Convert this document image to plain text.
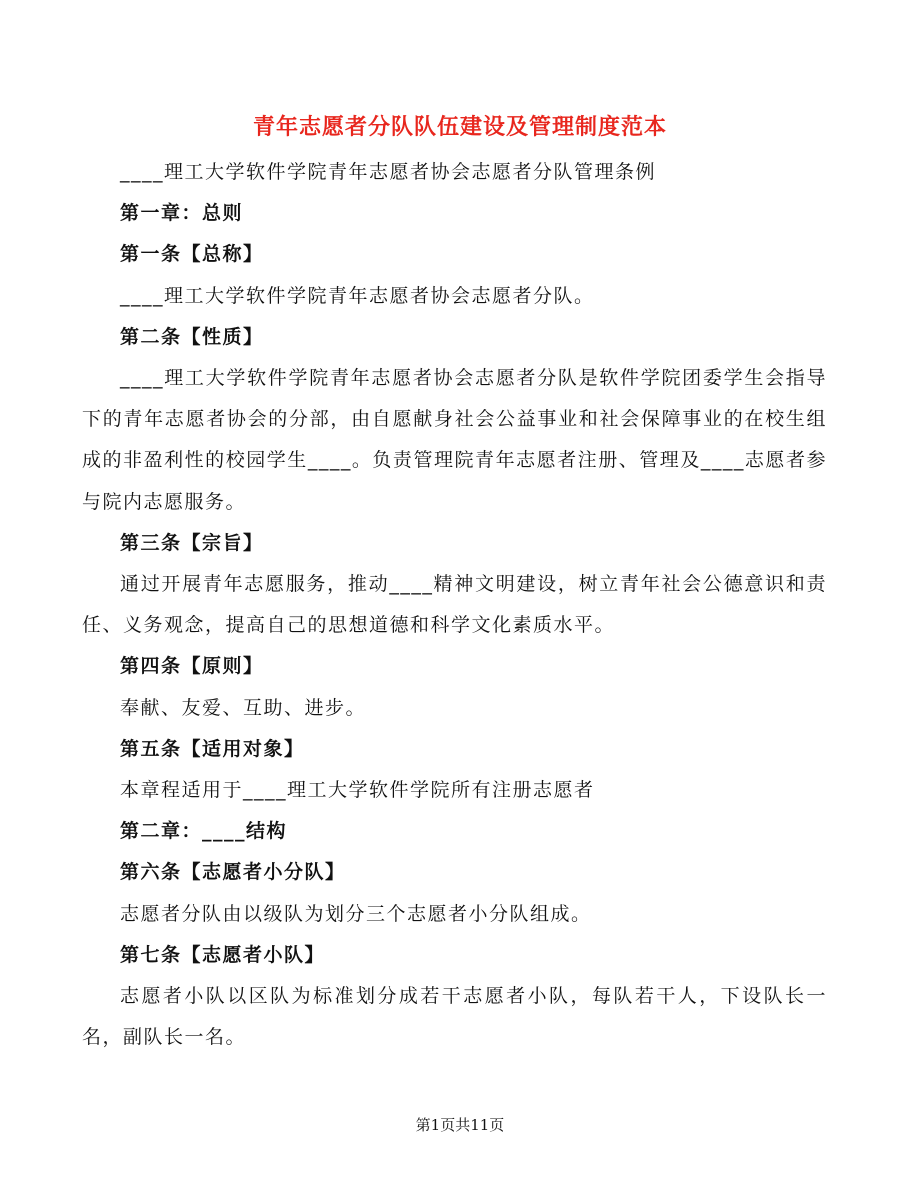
青年志愿者分队队伍建设及管理制度范本

____理工大学软件学院青年志愿者协会志愿者分队管理条例

第一章：总则

第一条【总称】

____理工大学软件学院青年志愿者协会志愿者分队。

第二条【性质】

____理工大学软件学院青年志愿者协会志愿者分队是软件学院团委学生会指导下的青年志愿者协会的分部，由自愿献身社会公益事业和社会保障事业的在校生组成的非盈利性的校园学生____。负责管理院青年志愿者注册、管理及____志愿者参与院内志愿服务。

第三条【宗旨】

通过开展青年志愿服务，推动____精神文明建设，树立青年社会公德意识和责任、义务观念，提高自己的思想道德和科学文化素质水平。

第四条【原则】

奉献、友爱、互助、进步。

第五条【适用对象】

本章程适用于____理工大学软件学院所有注册志愿者

第二章：____结构

第六条【志愿者小分队】

志愿者分队由以级队为划分三个志愿者小分队组成。

第七条【志愿者小队】

志愿者小队以区队为标准划分成若干志愿者小队，每队若干人，下设队长一名，副队长一名。

第1页共11页
